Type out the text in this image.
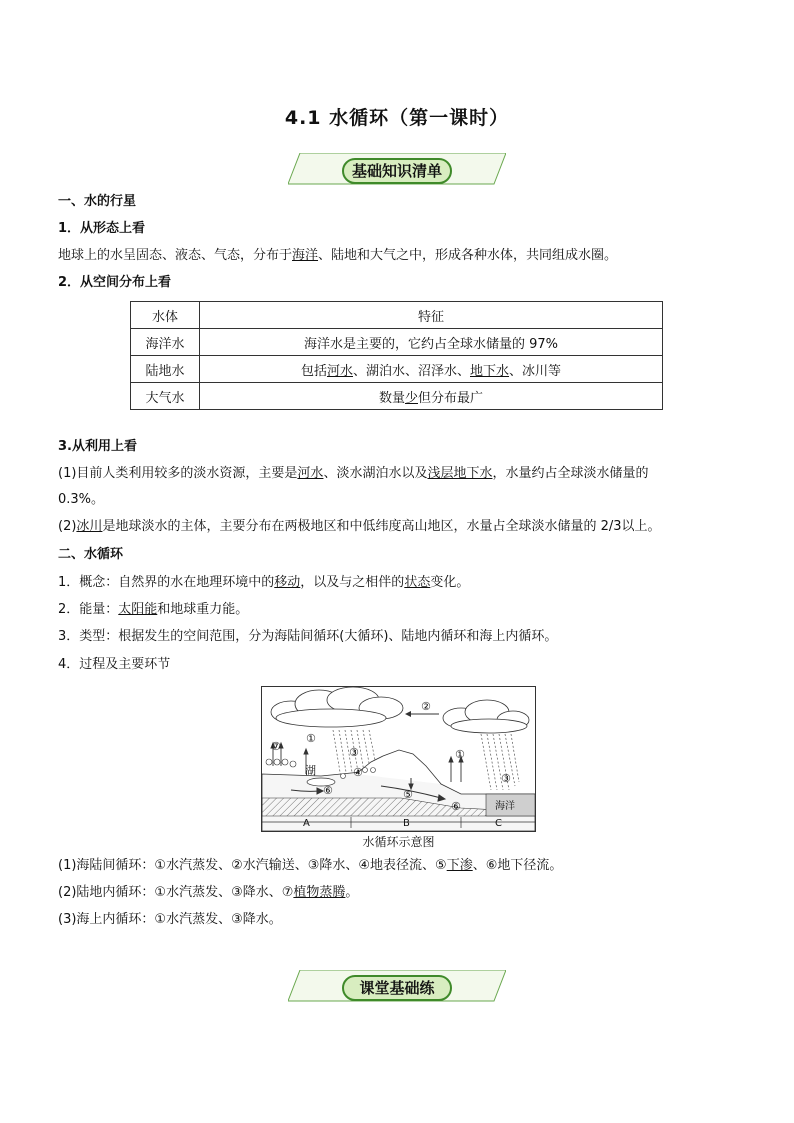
4.1 水循环（第一课时）
基础知识清单
一、水的行星
1．从形态上看
地球上的水呈固态、液态、气态，分布于海洋、陆地和大气之中，形成各种水体，共同组成水圈。
2．从空间分布上看
水体	特征
海洋水	海洋水是主要的，它约占全球水储量的 97%
陆地水	包括河水、湖泊水、沼泽水、地下水、冰川等
大气水	数量少但分布最广
3.从利用上看
(1)目前人类利用较多的淡水资源，主要是河水、淡水湖泊水以及浅层地下水，水量约占全球淡水储量的
0.3%。
(2)冰川是地球淡水的主体，主要分布在两极地区和中低纬度高山地区，水量占全球淡水储量的 2/3以上。
二、水循环
1．概念：自然界的水在地理环境中的移动，以及与之相伴的状态变化。
2．能量：太阳能和地球重力能。
3．类型：根据发生的空间范围，分为海陆间循环(大循环)、陆地内循环和海上内循环。
4．过程及主要环节
②
①
①
③
③
⑦
④
⑥	⑤
⑥
湖
海洋
A	B	C
水循环示意图
(1)海陆间循环：①水汽蒸发、②水汽输送、③降水、④地表径流、⑤下渗、⑥地下径流。
(2)陆地内循环：①水汽蒸发、③降水、⑦植物蒸腾。
(3)海上内循环：①水汽蒸发、③降水。
课堂基础练
